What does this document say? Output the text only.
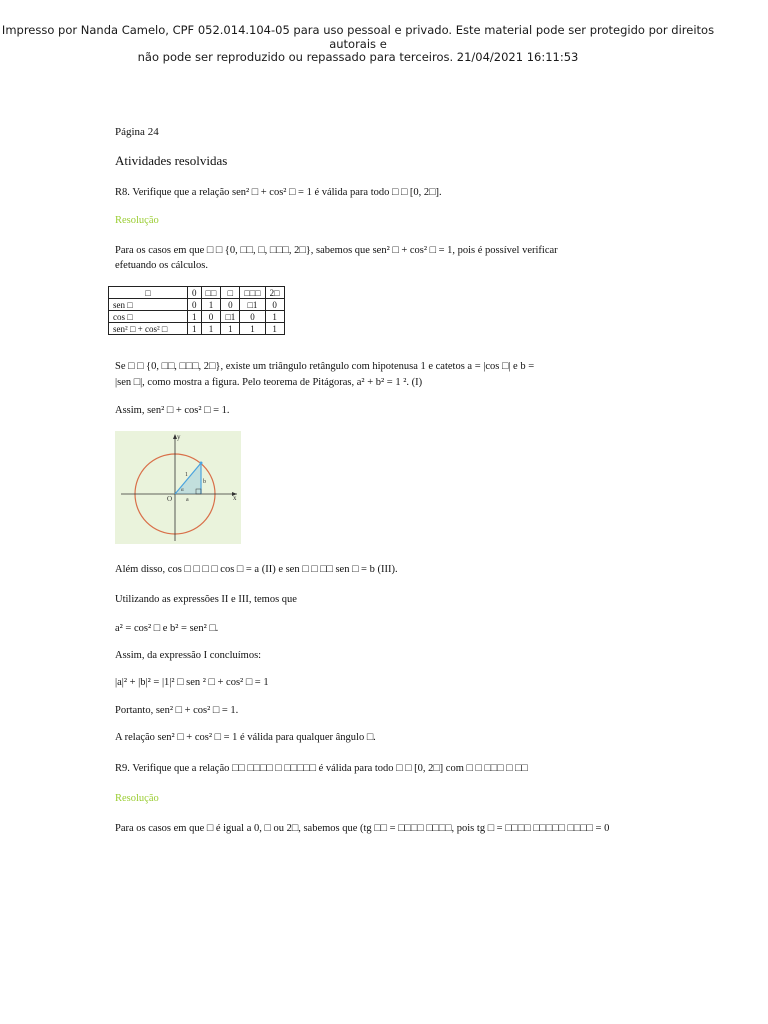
Impresso por Nanda Camelo, CPF 052.014.104-05 para uso pessoal e privado. Este material pode ser protegido por direitos autorais e
não pode ser reproduzido ou repassado para terceiros. 21/04/2021 16:11:53
Página 24
Atividades resolvidas
R8. Verifique que a relação sen² □ + cos² □ = 1 é válida para todo □ □ [0, 2□].
Resolução
Para os casos em que □ □ {0, □□, □, □□□, 2□}, sabemos que sen² □ + cos² □ = 1, pois é possível verificar
efetuando os cálculos.
□	0	□□	□	□□□	2□
sen □	0	1	0	□1	0
cos □	1	0	□1	0	1
sen² □ + cos² □	1	1	1	1	1
Se □ □ {0, □□, □□□, 2□}, existe um triângulo retângulo com hipotenusa 1 e catetos a = |cos □| e b =
|sen □|, como mostra a figura. Pelo teorema de Pitágoras, a² + b² = 1 ². (I)
Assim, sen² □ + cos² □ = 1.
x
y
O
1
b
a
α
Além disso, cos □ □ □ □ cos □ = a (II) e sen □ □ □□ sen □ = b (III).
Utilizando as expressões II e III, temos que
a² = cos² □ e b² = sen² □.
Assim, da expressão I concluímos:
|a|² + |b|² = |1|² □ sen ² □ + cos² □ = 1
Portanto, sen² □ + cos² □ = 1.
A relação sen² □ + cos² □ = 1 é válida para qualquer ângulo □.
R9. Verifique que a relação □□ □□□□ □ □□□□□ é válida para todo □ □ [0, 2□] com □ □ □□□ □ □□
Resolução
Para os casos em que □ é igual a 0, □ ou 2□, sabemos que (tg □□ = □□□□ □□□□, pois tg □ = □□□□ □□□□□ □□□□ = 0
